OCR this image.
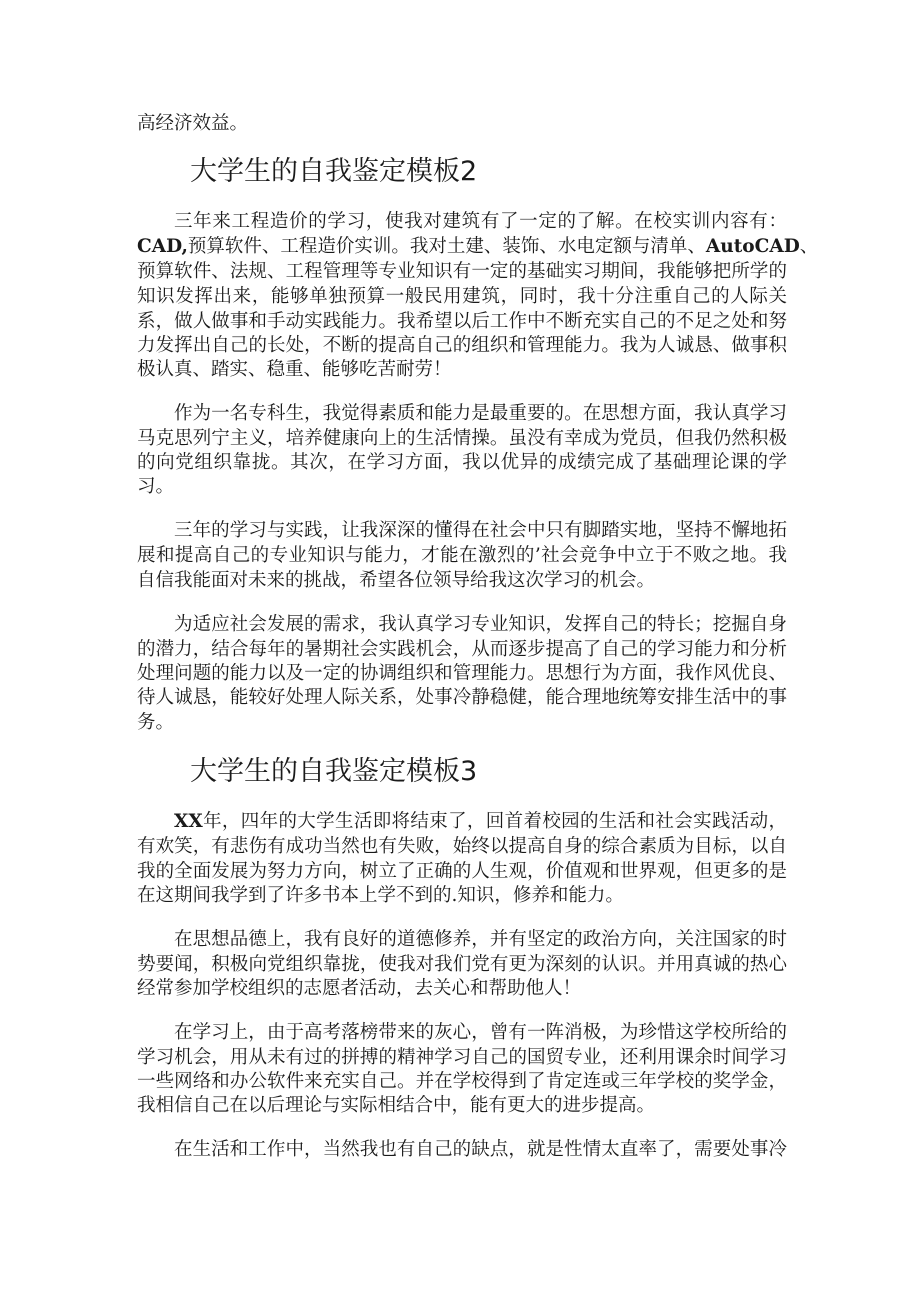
高经济效益。
大学生的自我鉴定模板2
三年来工程造价的学习，使我对建筑有了一定的了解。在校实训内容有：
CAD,预算软件、工程造价实训。我对土建、装饰、水电定额与清单、AutoCAD、
预算软件、法规、工程管理等专业知识有一定的基础实习期间，我能够把所学的
知识发挥出来，能够单独预算一般民用建筑，同时，我十分注重自己的人际关
系，做人做事和手动实践能力。我希望以后工作中不断充实自己的不足之处和努
力发挥出自己的长处，不断的提高自己的组织和管理能力。我为人诚恳、做事积
极认真、踏实、稳重、能够吃苦耐劳！
作为一名专科生，我觉得素质和能力是最重要的。在思想方面，我认真学习
马克思列宁主义，培养健康向上的生活情操。虽没有幸成为党员，但我仍然积极
的向党组织靠拢。其次，在学习方面，我以优异的成绩完成了基础理论课的学
习。
三年的学习与实践，让我深深的懂得在社会中只有脚踏实地，坚持不懈地拓
展和提高自己的专业知识与能力，才能在激烈的’社会竞争中立于不败之地。我
自信我能面对未来的挑战，希望各位领导给我这次学习的机会。
为适应社会发展的需求，我认真学习专业知识，发挥自己的特长；挖掘自身
的潜力，结合每年的暑期社会实践机会，从而逐步提高了自己的学习能力和分析
处理问题的能力以及一定的协调组织和管理能力。思想行为方面，我作风优良、
待人诚恳，能较好处理人际关系，处事冷静稳健，能合理地统筹安排生活中的事
务。
大学生的自我鉴定模板3
XX年，四年的大学生活即将结束了，回首着校园的生活和社会实践活动，
有欢笑，有悲伤有成功当然也有失败，始终以提高自身的综合素质为目标，以自
我的全面发展为努力方向，树立了正确的人生观，价值观和世界观，但更多的是
在这期间我学到了许多书本上学不到的.知识，修养和能力。
在思想品德上，我有良好的道德修养，并有坚定的政治方向，关注国家的时
势要闻，积极向党组织靠拢，使我对我们党有更为深刻的认识。并用真诚的热心
经常参加学校组织的志愿者活动，去关心和帮助他人！
在学习上，由于高考落榜带来的灰心，曾有一阵消极，为珍惜这学校所给的
学习机会，用从未有过的拼搏的精神学习自己的国贸专业，还利用课余时间学习
一些网络和办公软件来充实自己。并在学校得到了肯定连或三年学校的奖学金，
我相信自己在以后理论与实际相结合中，能有更大的进步提高。
在生活和工作中，当然我也有自己的缺点，就是性情太直率了，需要处事冷
